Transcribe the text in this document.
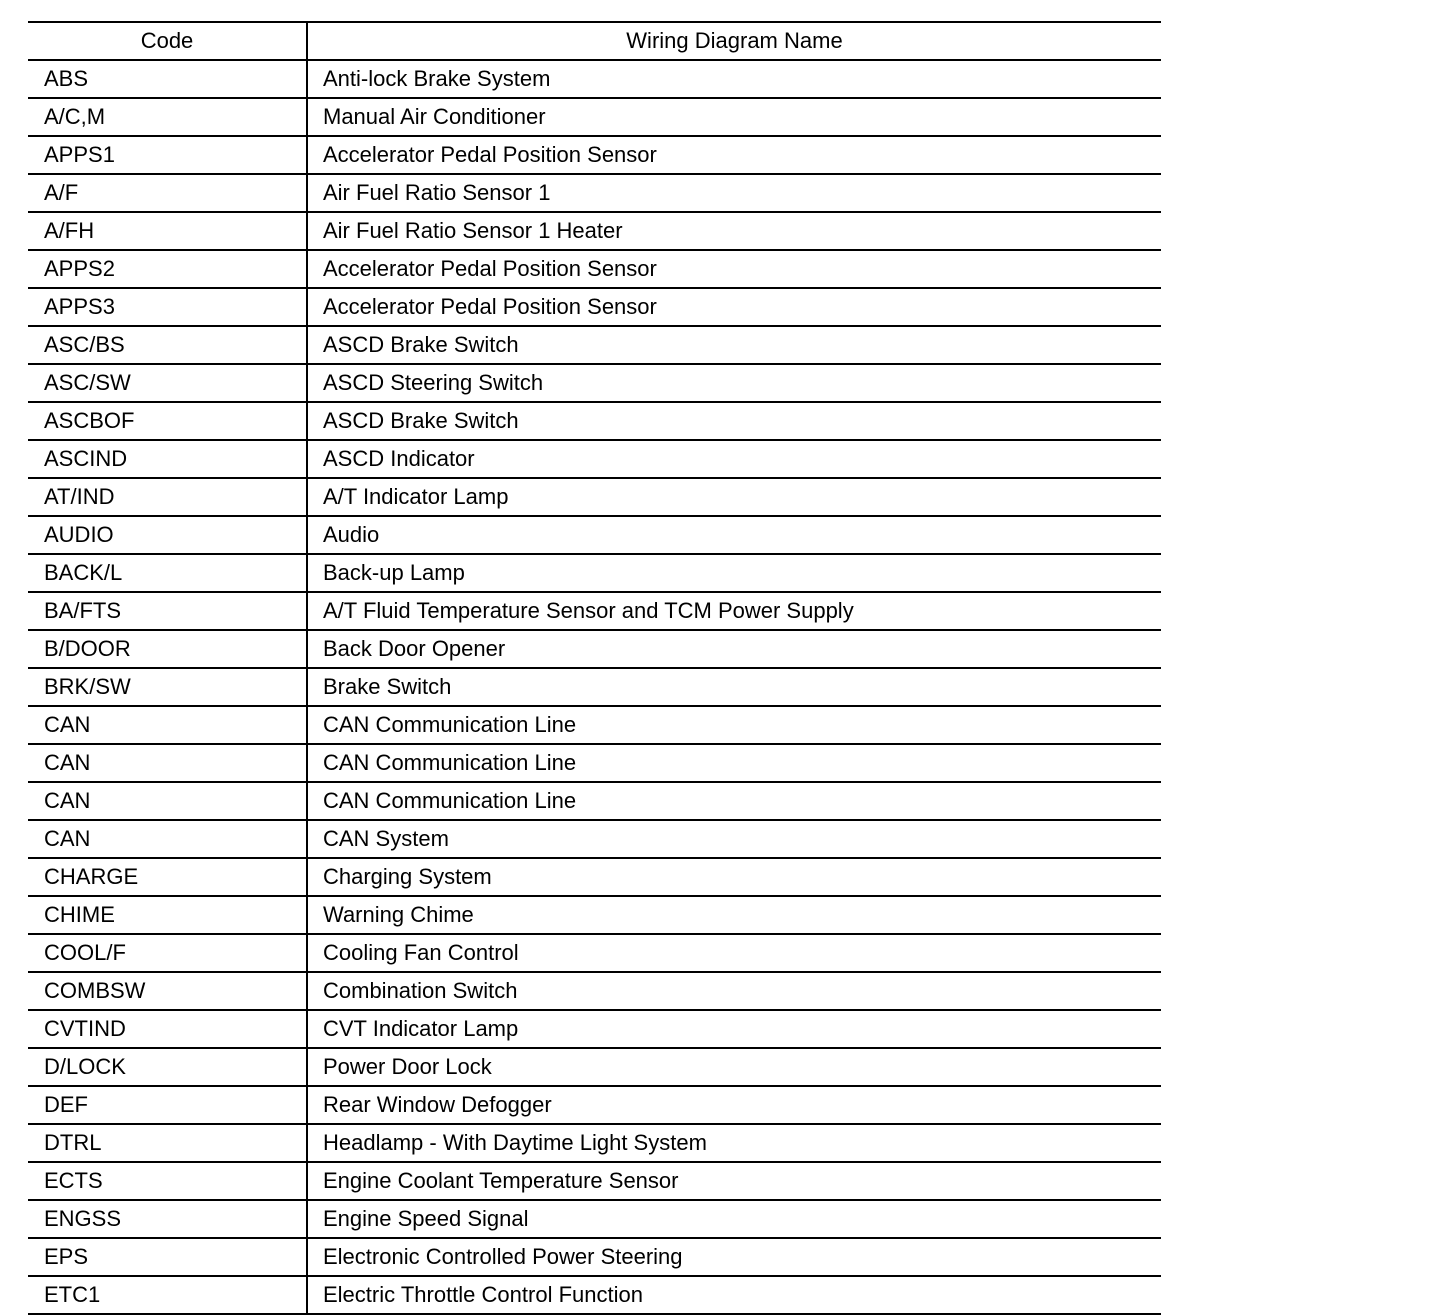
Code	Wiring Diagram Name
ABS	Anti-lock Brake System
A/C,M	Manual Air Conditioner
APPS1	Accelerator Pedal Position Sensor
A/F	Air Fuel Ratio Sensor 1
A/FH	Air Fuel Ratio Sensor 1 Heater
APPS2	Accelerator Pedal Position Sensor
APPS3	Accelerator Pedal Position Sensor
ASC/BS	ASCD Brake Switch
ASC/SW	ASCD Steering Switch
ASCBOF	ASCD Brake Switch
ASCIND	ASCD Indicator
AT/IND	A/T Indicator Lamp
AUDIO	Audio
BACK/L	Back-up Lamp
BA/FTS	A/T Fluid Temperature Sensor and TCM Power Supply
B/DOOR	Back Door Opener
BRK/SW	Brake Switch
CAN	CAN Communication Line
CAN	CAN Communication Line
CAN	CAN Communication Line
CAN	CAN System
CHARGE	Charging System
CHIME	Warning Chime
COOL/F	Cooling Fan Control
COMBSW	Combination Switch
CVTIND	CVT Indicator Lamp
D/LOCK	Power Door Lock
DEF	Rear Window Defogger
DTRL	Headlamp - With Daytime Light System
ECTS	Engine Coolant Temperature Sensor
ENGSS	Engine Speed Signal
EPS	Electronic Controlled Power Steering
ETC1	Electric Throttle Control Function
